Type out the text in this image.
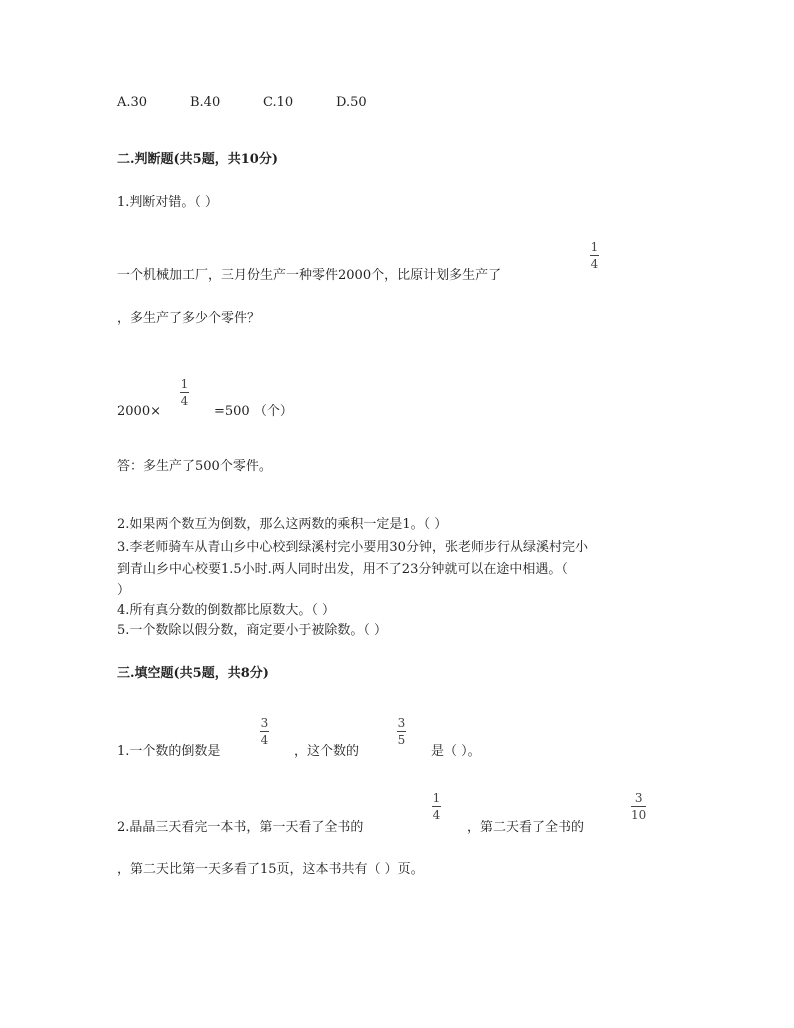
A.30	B.40	C.10	D.50
二.判断题(共5题，共10分)
1.判断对错。（ ）
一个机械加工厂，三月份生产一种零件2000个，比原计划多生产了
1
4
，多生产了多少个零件？
2000×
1
4
=500 （个）
答：多生产了500个零件。
2.如果两个数互为倒数，那么这两数的乘积一定是1。（ ）
3.李老师骑车从青山乡中心校到绿溪村完小要用30分钟，张老师步行从绿溪村完小
到青山乡中心校要1.5小时.两人同时出发，用不了23分钟就可以在途中相遇。（
）
4.所有真分数的倒数都比原数大。（ ）
5.一个数除以假分数，商定要小于被除数。（ ）
三.填空题(共5题，共8分)
1.一个数的倒数是
3
4
，这个数的
3
5
是（ ）。
2.晶晶三天看完一本书，第一天看了全书的
1
4
，第二天看了全书的
3
10
，第二天比第一天多看了15页，这本书共有（ ）页。
